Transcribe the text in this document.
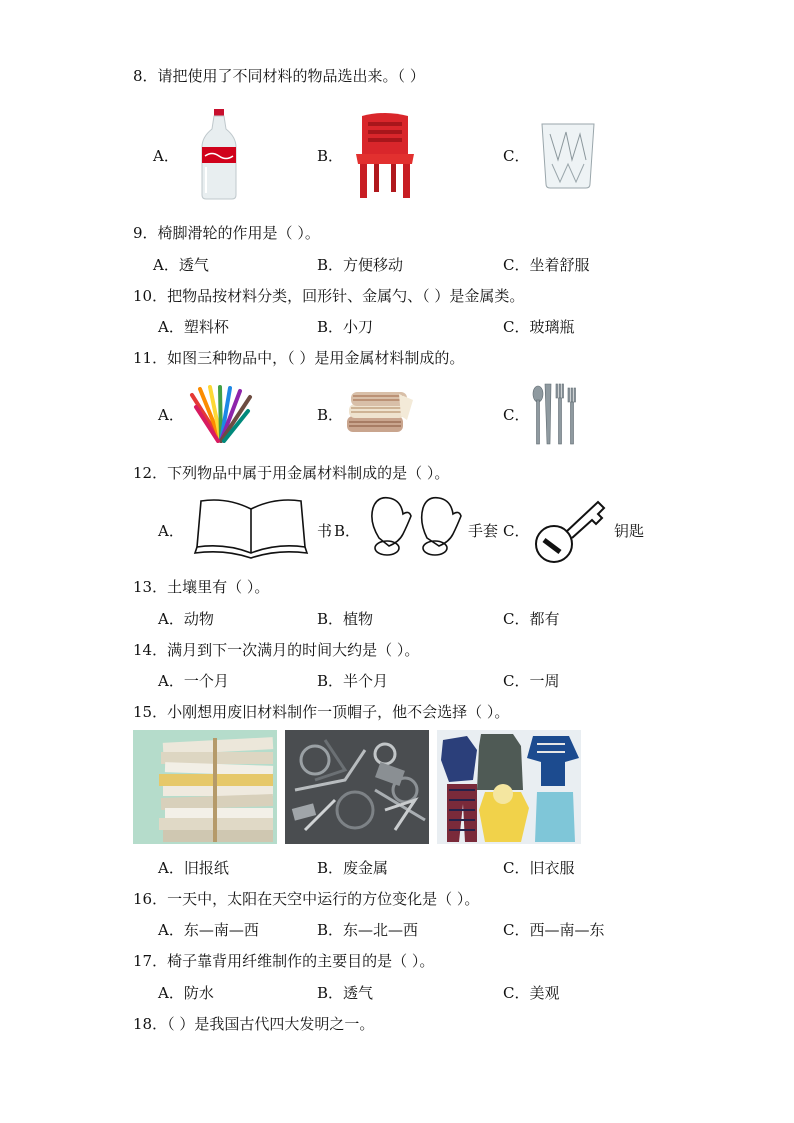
8．请把使用了不同材料的物品选出来。（ ）
A．	B．	C．
9．椅脚滑轮的作用是（ ）。
A．透气	B．方便移动	C．坐着舒服
10．把物品按材料分类，回形针、金属勺、（ ）是金属类。
A．塑料杯	B．小刀	C．玻璃瓶
11．如图三种物品中，（ ）是用金属材料制成的。
A．	B．	C．
12．下列物品中属于用金属材料制成的是（ ）。
A．	书 B．	手套 C．	钥匙
13．土壤里有（ ）。
A．动物	B．植物	C．都有
14．满月到下一次满月的时间大约是（ ）。
A．一个月	B．半个月	C．一周
15．小刚想用废旧材料制作一顶帽子，他不会选择（ ）。
A．旧报纸	B．废金属	C．旧衣服
16．一天中，太阳在天空中运行的方位变化是（ ）。
A．东—南—西	B．东—北—西	C．西—南—东
17．椅子靠背用纤维制作的主要目的是（ ）。
A．防水	B．透气	C．美观
18．（ ）是我国古代四大发明之一。
